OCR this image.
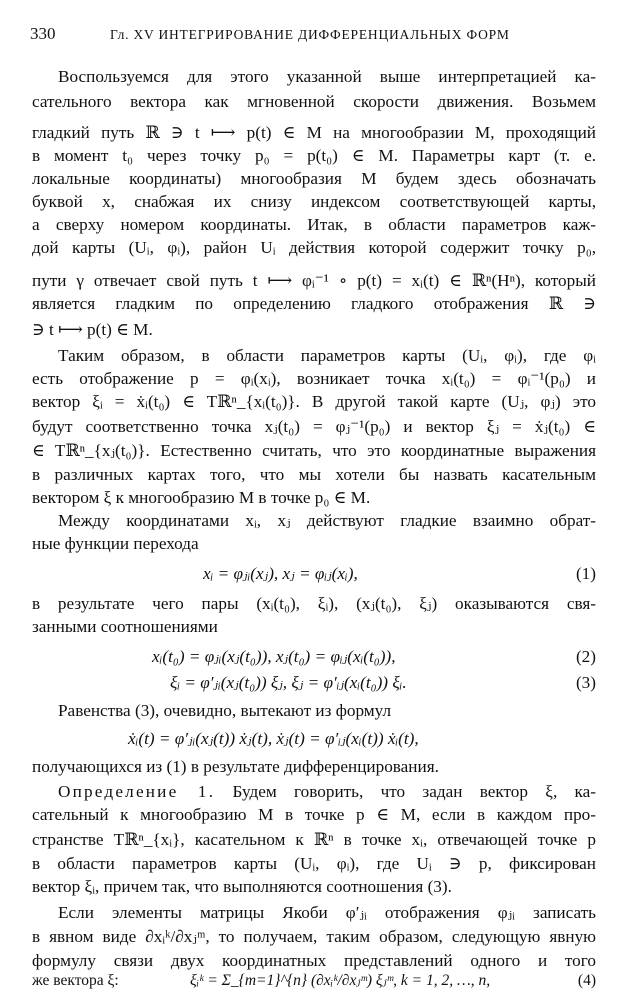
330	Гл. XV ИНТЕГРИРОВАНИЕ ДИФФЕРЕНЦИАЛЬНЫХ ФОРМ
Воспользуемся для этого указанной выше интерпретацией ка-
сательного вектора как мгновенной скорости движения. Возьмем
гладкий путь ℝ ∋ t ⟼ p(t) ∈ M на многообразии M, проходящий
в момент t₀ через точку p₀ = p(t₀) ∈ M. Параметры карт (т. е.
локальные координаты) многообразия M будем здесь обозначать
буквой x, снабжая их снизу индексом соответствующей карты,
а сверху номером координаты. Итак, в области параметров каж-
дой карты (Uᵢ, φᵢ), район Uᵢ действия которой содержит точку p₀,
пути γ отвечает свой путь t ⟼ φᵢ⁻¹ ∘ p(t) = xᵢ(t) ∈ ℝⁿ(Hⁿ), который
является гладким по определению гладкого отображения ℝ ∋
∋ t ⟼ p(t) ∈ M.
Таким образом, в области параметров карты (Uᵢ, φᵢ), где φᵢ
есть отображение p = φᵢ(xᵢ), возникает точка xᵢ(t₀) = φᵢ⁻¹(p₀) и
вектор ξᵢ = ẋᵢ(t₀) ∈ Tℝⁿ_{xᵢ(t₀)}. В другой такой карте (Uⱼ, φⱼ) это
будут соответственно точка xⱼ(t₀) = φⱼ⁻¹(p₀) и вектор ξⱼ = ẋⱼ(t₀) ∈
∈ Tℝⁿ_{xⱼ(t₀)}. Естественно считать, что это координатные выражения
в различных картах того, что мы хотели бы назвать касательным
вектором ξ к многообразию M в точке p₀ ∈ M.
Между координатами xᵢ, xⱼ действуют гладкие взаимно обрат-
ные функции перехода
xᵢ = φⱼᵢ(xⱼ), xⱼ = φᵢⱼ(xᵢ),	(1)
в результате чего пары (xᵢ(t₀), ξᵢ), (xⱼ(t₀), ξⱼ) оказываются свя-
занными соотношениями
xᵢ(t₀) = φⱼᵢ(xⱼ(t₀)), xⱼ(t₀) = φᵢⱼ(xᵢ(t₀)),	(2)
ξᵢ = φ′ⱼᵢ(xⱼ(t₀)) ξⱼ, ξⱼ = φ′ᵢⱼ(xᵢ(t₀)) ξᵢ.	(3)
Равенства (3), очевидно, вытекают из формул
ẋᵢ(t) = φ′ⱼᵢ(xⱼ(t)) ẋⱼ(t), ẋⱼ(t) = φ′ᵢⱼ(xᵢ(t)) ẋᵢ(t),
получающихся из (1) в результате дифференцирования.
Определение 1. Будем говорить, что задан вектор ξ, ка-
сательный к многообразию M в точке p ∈ M, если в каждом про-
странстве Tℝⁿ_{xᵢ}, касательном к ℝⁿ в точке xᵢ, отвечающей точке p
в области параметров карты (Uᵢ, φᵢ), где Uᵢ ∋ p, фиксирован
вектор ξᵢ, причем так, что выполняются соотношения (3).
Если элементы матрицы Якоби φ′ⱼᵢ отображения φⱼᵢ записать
в явном виде ∂xᵢᵏ/∂xⱼᵐ, то получаем, таким образом, следующую явную
формулу связи двух координатных представлений одного и того
же вектора ξ:	ξᵢᵏ = Σ_{m=1}^{n} (∂xᵢᵏ/∂xⱼᵐ) ξⱼᵐ, k = 1, 2, …, n,	(4)
